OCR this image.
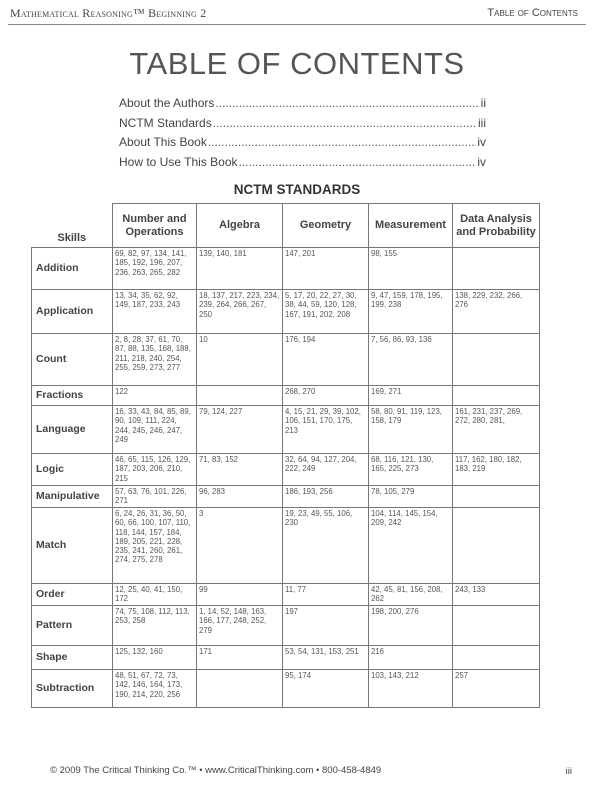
Mathematical Reasoning™ Beginning 2	Table of Contents
TABLE OF CONTENTS
About the Authors .....	ii
NCTM Standards .....	iii
About This Book .....	iv
How to Use This Book .....	iv
NCTM STANDARDS
Skills	Number and Operations	Algebra	Geometry	Measurement	Data Analysis and Probability
Addition	69, 82, 97, 134, 141, 185, 192, 196, 207, 236, 263, 265, 282	139, 140, 181	147, 201	98, 155	
Application	13, 34, 35, 62, 92, 149, 187, 233, 243	18, 137, 217, 223, 234, 239, 264, 266, 267, 250	5, 17, 20, 22, 27, 30, 38, 44, 59, 120, 128, 167, 191, 202, 208	9, 47, 159, 178, 195, 199, 238	138, 229, 232, 266, 276
Count	2, 8, 28, 37, 61, 70, 87, 88, 135, 168, 188, 211, 218, 240, 254, 255, 259, 273, 277	10	176, 194	7, 56, 86, 93, 136	
Fractions	122		268, 270	169, 271	
Language	16, 33, 43, 84, 85, 89, 90, 109, 111, 224, 244, 245, 246, 247, 249	79, 124, 227	4, 15, 21, 29, 39, 102, 106, 151, 170, 175, 213	58, 80, 91, 119, 123, 158, 179	161, 231, 237, 269, 272, 280, 281,
Logic	46, 65, 115, 126, 129, 187, 203, 206, 210, 215	71, 83, 152	32, 64, 94, 127, 204, 222, 249	68, 116, 121, 130, 165, 225, 273	117, 162, 180, 182, 183, 219
Manipulative	57, 63, 76, 101, 226, 271	96, 283	186, 193, 256	78, 105, 279	
Match	6, 24, 26, 31, 36, 50, 60, 66, 100, 107, 110, 118, 144, 157, 184, 189, 205, 221, 228, 235, 241, 260, 261, 274, 275, 278	3	19, 23, 49, 55, 106, 230	104, 114, 145, 154, 209, 242	
Order	12, 25, 40, 41, 150, 172	99	11, 77	42, 45, 81, 156, 208, 262	243, 133
Pattern	74, 75, 108, 112, 113, 253, 258	1, 14, 52, 148, 163, 166, 177, 248, 252, 279	197	198, 200, 276	
Shape	125, 132, 160	171	53, 54, 131, 153, 251	216	
Subtraction	48, 51, 67, 72, 73, 142, 146, 164, 173, 190, 214, 220, 256		95, 174	103, 143, 212	257
© 2009 The Critical Thinking Co.™ • www.CriticalThinking.com • 800-458-4849	iii
